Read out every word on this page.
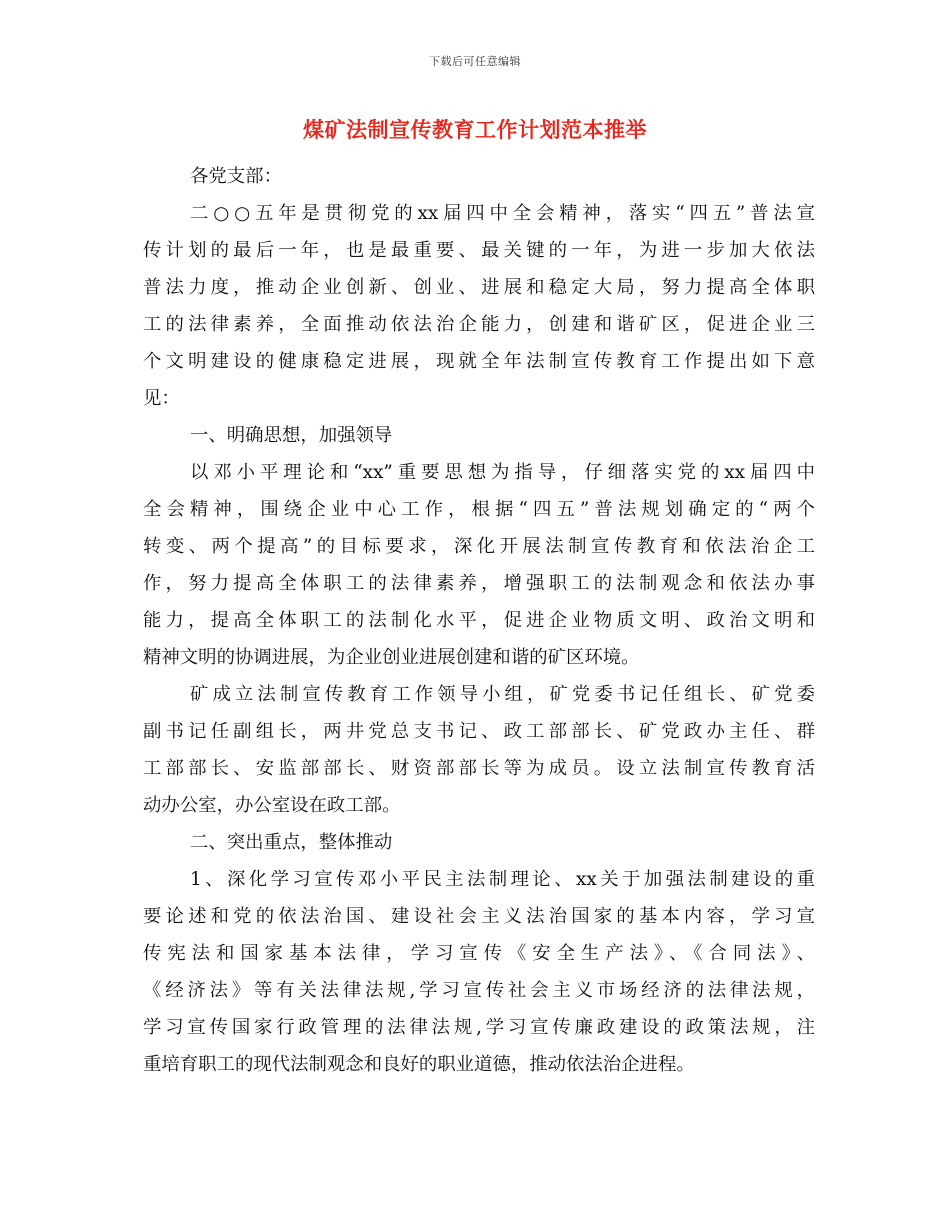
下载后可任意编辑
煤矿法制宣传教育工作计划范本推举
各党支部：
二○○五年是贯彻党的xx届四中全会精神，落实“四五”普法宣
传计划的最后一年，也是最重要、最关键的一年，为进一步加大依法
普法力度，推动企业创新、创业、进展和稳定大局，努力提高全体职
工的法律素养，全面推动依法治企能力，创建和谐矿区，促进企业三
个文明建设的健康稳定进展，现就全年法制宣传教育工作提出如下意
见：
一、明确思想，加强领导
以邓小平理论和“xx”重要思想为指导，仔细落实党的xx届四中
全会精神，围绕企业中心工作，根据“四五”普法规划确定的“两个
转变、两个提高”的目标要求，深化开展法制宣传教育和依法治企工
作，努力提高全体职工的法律素养，增强职工的法制观念和依法办事
能力，提高全体职工的法制化水平，促进企业物质文明、政治文明和
精神文明的协调进展，为企业创业进展创建和谐的矿区环境。
矿成立法制宣传教育工作领导小组，矿党委书记任组长、矿党委
副书记任副组长，两井党总支书记、政工部部长、矿党政办主任、群
工部部长、安监部部长、财资部部长等为成员。设立法制宣传教育活
动办公室，办公室设在政工部。
二、突出重点，整体推动
1、深化学习宣传邓小平民主法制理论、xx关于加强法制建设的重
要论述和党的依法治国、建设社会主义法治国家的基本内容，学习宣
传宪法和国家基本法律，学习宣传《安全生产法》、《合同法》、
《经济法》等有关法律法规,学习宣传社会主义市场经济的法律法规，
学习宣传国家行政管理的法律法规,学习宣传廉政建设的政策法规，注
重培育职工的现代法制观念和良好的职业道德，推动依法治企进程。
